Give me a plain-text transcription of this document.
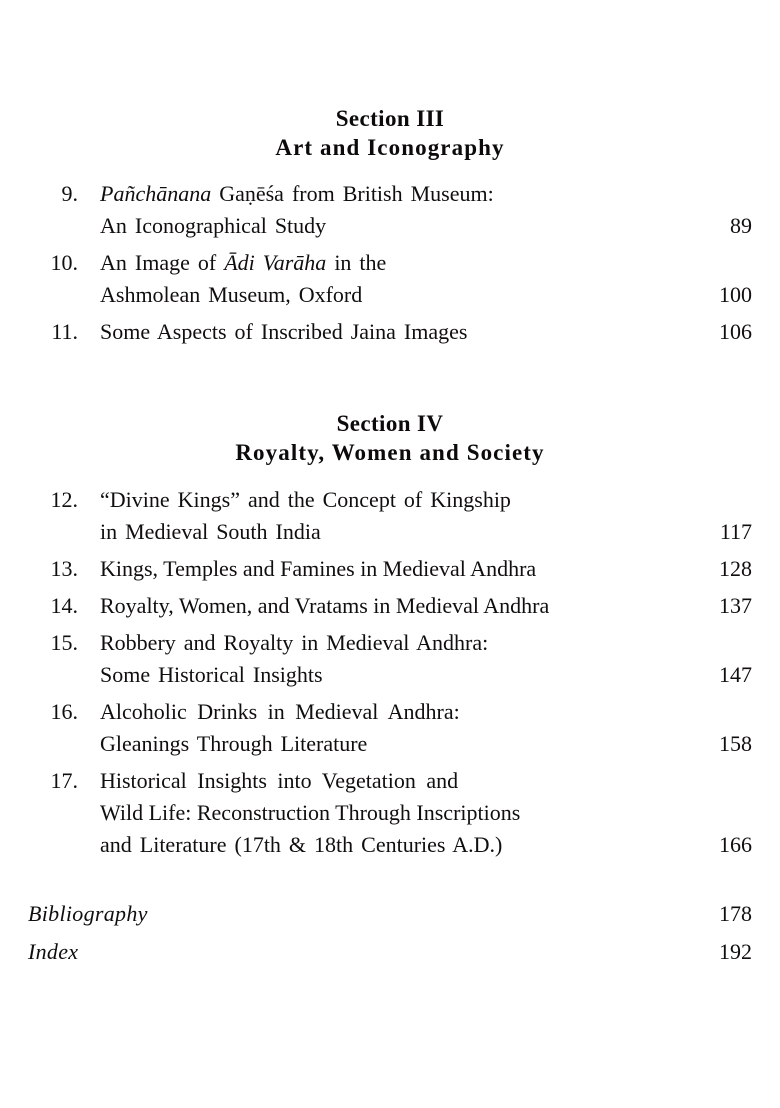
Section III
Art and Iconography
9. Pañchānana Gaṇēśa from British Museum:
An Iconographical Study	89
10. An Image of Ādi Varāha in the
Ashmolean Museum, Oxford	100
11. Some Aspects of Inscribed Jaina Images	106
Section IV
Royalty, Women and Society
12. “Divine Kings” and the Concept of Kingship
in Medieval South India	117
13. Kings, Temples and Famines in Medieval Andhra	128
14. Royalty, Women, and Vratams in Medieval Andhra	137
15. Robbery and Royalty in Medieval Andhra:
Some Historical Insights	147
16. Alcoholic Drinks in Medieval Andhra:
Gleanings Through Literature	158
17. Historical Insights into Vegetation and
Wild Life: Reconstruction Through Inscriptions
and Literature (17th & 18th Centuries A.D.)	166
Bibliography	178
Index	192
